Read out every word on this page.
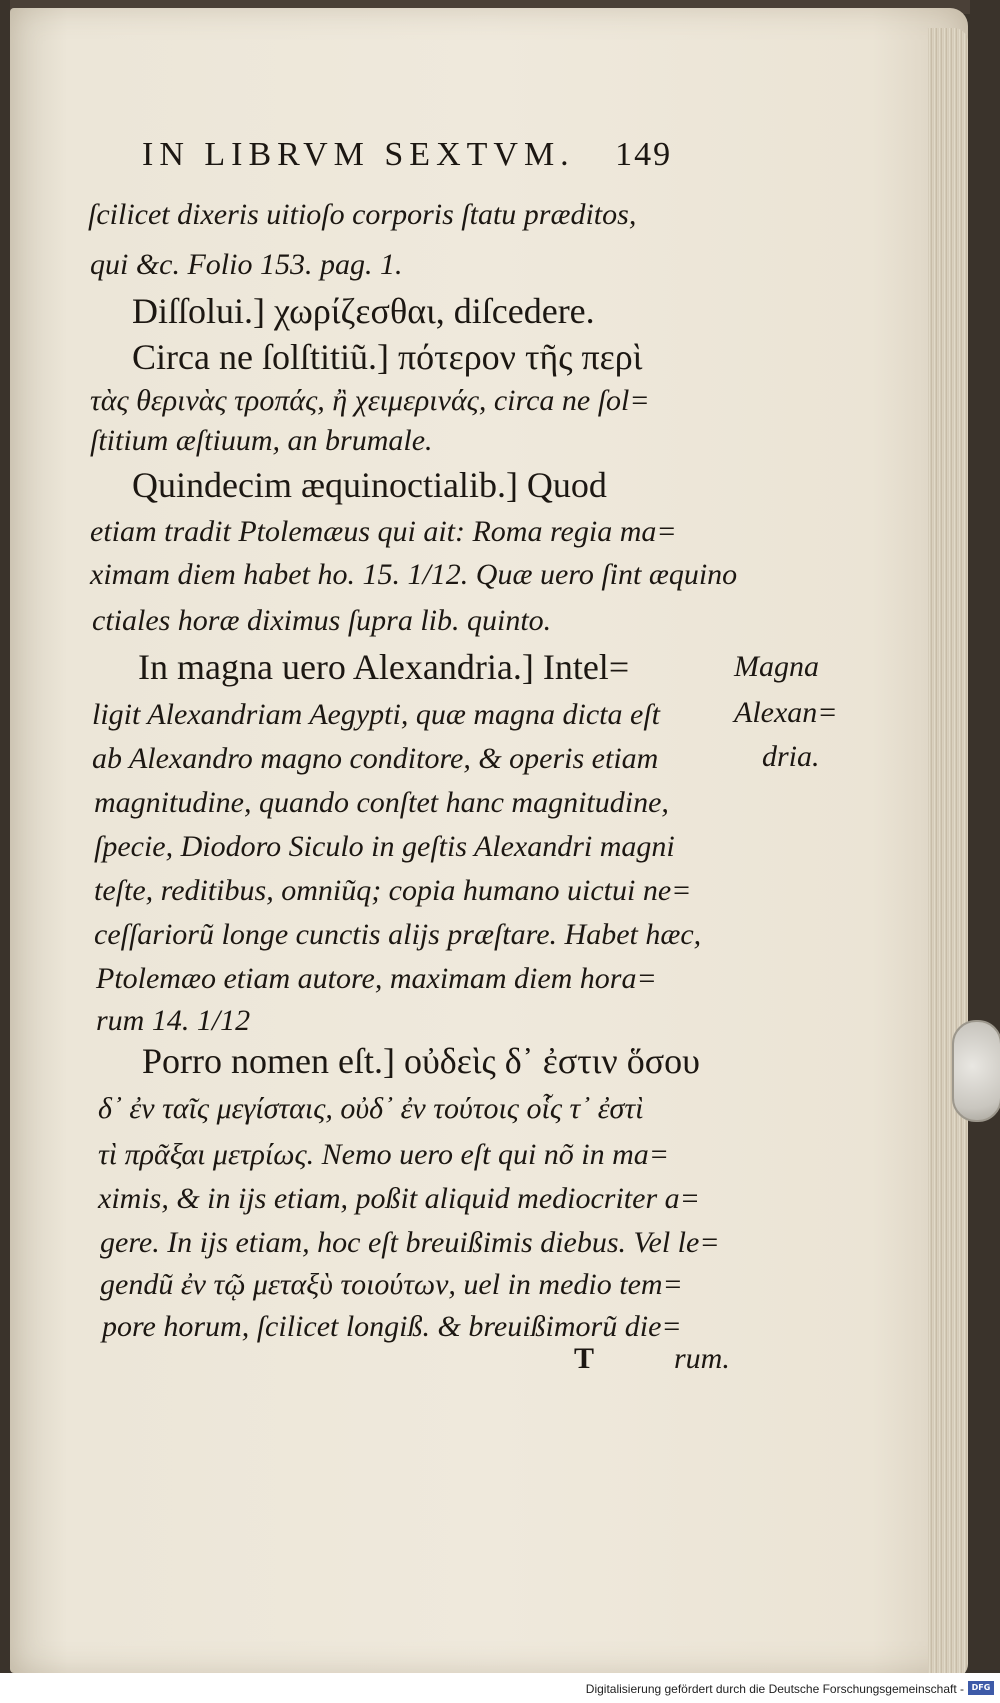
IN LIBRVM SEXTVM. 149
ſcilicet dixeris uitioſo corporis ſtatu præditos,
qui &c. Folio 153. pag. 1.
Diſſolui.] χωρίζεσθαι, diſcedere.
Circa ne ſolſtitiũ.] πότερον τῆς περὶ
τὰς θερινὰς τροπάς, ἢ χειμερινάς, circa ne ſol=
ſtitium æſtiuum, an brumale.
Quindecim æquinoctialib.] Quod
etiam tradit Ptolemæus qui ait: Roma regia ma=
ximam diem habet ho. 15. 1/12. Quæ uero ſint æquino
ctiales horæ diximus ſupra lib. quinto.
In magna uero Alexandria.] Intel=
ligit Alexandriam Aegypti, quæ magna dicta eſt
ab Alexandro magno conditore, & operis etiam
magnitudine, quando conſtet hanc magnitudine,
ſpecie, Diodoro Siculo in geſtis Alexandri magni
teſte, reditibus, omniũq; copia humano uictui ne=
ceſſariorũ longe cunctis alijs præſtare. Habet hæc,
Ptolemæo etiam autore, maximam diem hora=
rum 14. 1/12
Porro nomen eſt.] οὐδεὶς δ᾽ ἐστιν ὅσου
δ᾽ ἐν ταῖς μεγίσταις, οὐδ᾽ ἐν τούτοις οἷς τ᾽ ἐστὶ
τὶ πρᾶξαι μετρίως. Nemo uero eſt qui nõ in ma=
ximis, & in ijs etiam, poßit aliquid mediocriter a=
gere. In ijs etiam, hoc eſt breuißimis diebus. Vel le=
gendũ ἐν τῷ μεταξὺ τοιούτων, uel in medio tem=
pore horum, ſcilicet longiß. & breuißimorũ die=
Magna
Alexan=
dria.
T	rum.
Digitalisierung gefördert durch die Deutsche Forschungsgemeinschaft - DFG
